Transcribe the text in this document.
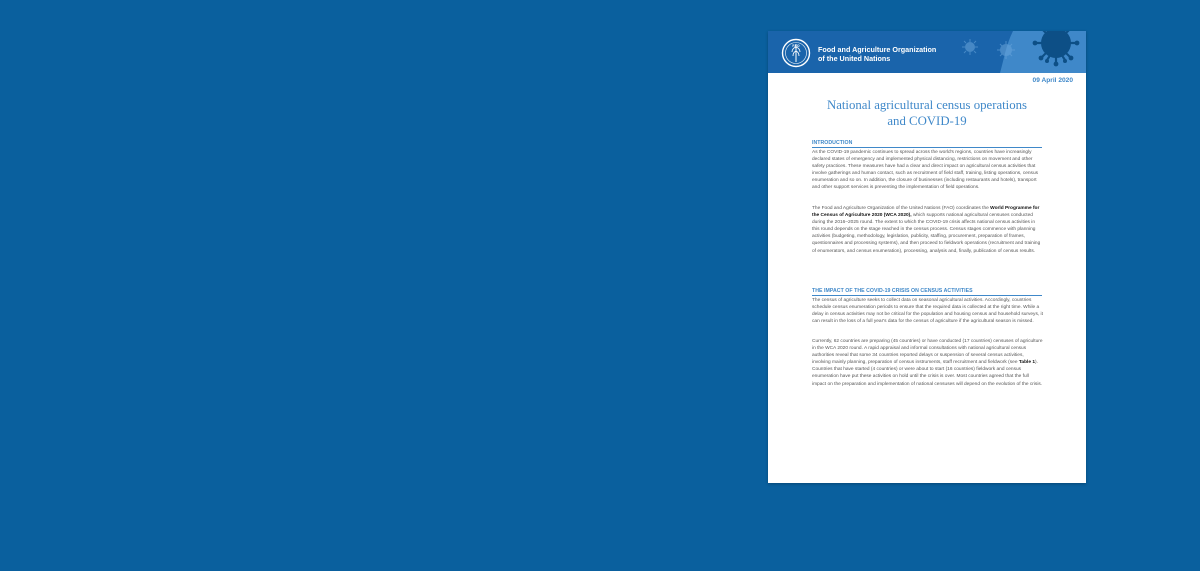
FAO	Food and Agriculture Organization
of the United Nations
09 April 2020
National agricultural census operations
and COVID-19
INTRODUCTION
As the COVID-19 pandemic continues to spread across the world's regions, countries have increasingly declared states of emergency and implemented physical distancing, restrictions on movement and other safety practices. These measures have had a clear and direct impact on agricultural census activities that involve gatherings and human contact, such as recruitment of field staff, training, listing operations, census enumeration and so on. In addition, the closure of businesses (including restaurants and hotels), transport and other support services is preventing the implementation of field operations.
The Food and Agriculture Organization of the United Nations (FAO) coordinates the World Programme for the Census of Agriculture 2020 (WCA 2020), which supports national agricultural censuses conducted during the 2016–2025 round. The extent to which the COVID-19 crisis affects national census activities in this round depends on the stage reached in the census process. Census stages commence with planning activities (budgeting, methodology, legislation, publicity, staffing, procurement, preparation of frames, questionnaires and processing systems), and then proceed to fieldwork operations (recruitment and training of enumerators, and census enumeration), processing, analysis and, finally, publication of census results.
THE IMPACT OF THE COVID-19 CRISIS ON CENSUS ACTIVITIES
The census of agriculture seeks to collect data on seasonal agricultural activities. Accordingly, countries schedule census enumeration periods to ensure that the required data is collected at the right time. While a delay in census activities may not be critical for the population and housing census and household surveys, it can result in the loss of a full year's data for the census of agriculture if the agricultural season is missed.
Currently, 62 countries are preparing (45 countries) or have conducted (17 countries) censuses of agriculture in the WCA 2020 round. A rapid appraisal and informal consultations with national agricultural census authorities reveal that some 34 countries reported delays or suspension of several census activities, involving mainly planning, preparation of census instruments, staff recruitment and fieldwork (see Table 1). Countries that have started (4 countries) or were about to start (16 countries) fieldwork and census enumeration have put these activities on hold until the crisis is over. Most countries agreed that the full impact on the preparation and implementation of national censuses will depend on the evolution of the crisis.
